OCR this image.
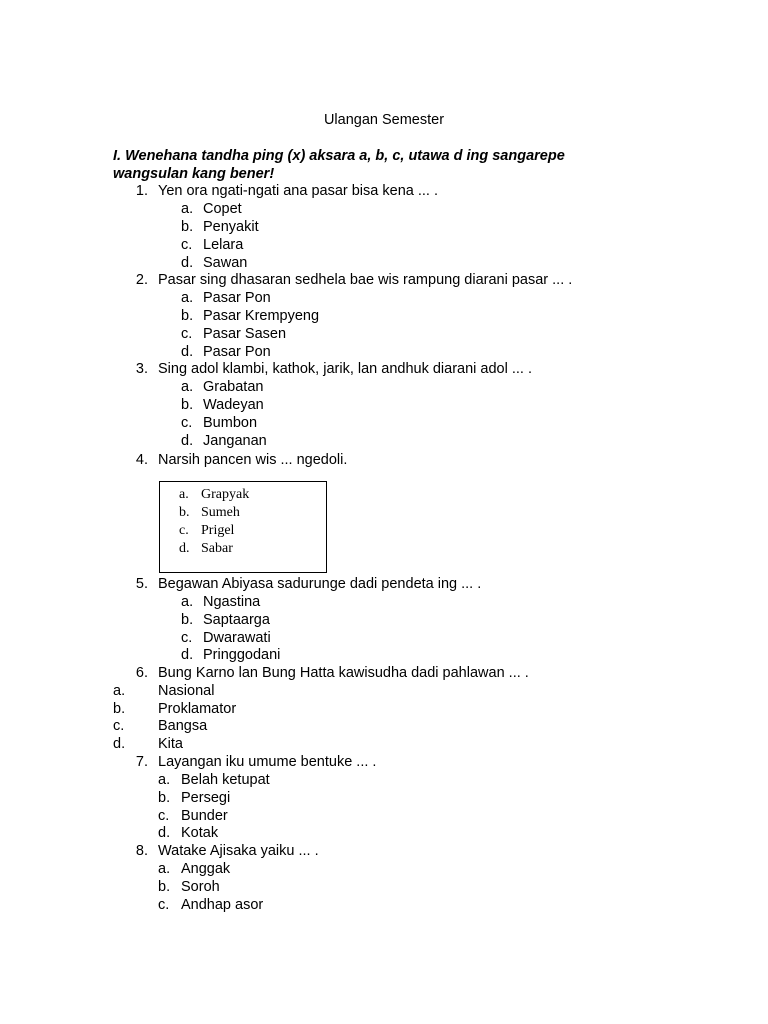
Ulangan Semester
I. Wenehana tandha ping (x) aksara a, b, c, utawa d ing sangarepe
wangsulan kang bener!
1. Yen ora ngati-ngati ana pasar bisa kena ... .
a. Copet
b. Penyakit
c. Lelara
d. Sawan
2. Pasar sing dhasaran sedhela bae wis rampung diarani pasar ... .
a. Pasar Pon
b. Pasar Krempyeng
c. Pasar Sasen
d. Pasar Pon
3. Sing adol klambi, kathok, jarik, lan andhuk diarani adol ... .
a. Grabatan
b. Wadeyan
c. Bumbon
d. Janganan
4. Narsih pancen wis ... ngedoli.
a. Grapyak
b. Sumeh
c. Prigel
d. Sabar
5. Begawan Abiyasa sadurunge dadi pendeta ing ... .
a. Ngastina
b. Saptaarga
c. Dwarawati
d. Pringgodani
6. Bung Karno lan Bung Hatta kawisudha dadi pahlawan ... .
a. Nasional
b. Proklamator
c. Bangsa
d. Kita
7. Layangan iku umume bentuke ... .
a. Belah ketupat
b. Persegi
c. Bunder
d. Kotak
8. Watake Ajisaka yaiku ... .
a. Anggak
b. Soroh
c. Andhap asor
